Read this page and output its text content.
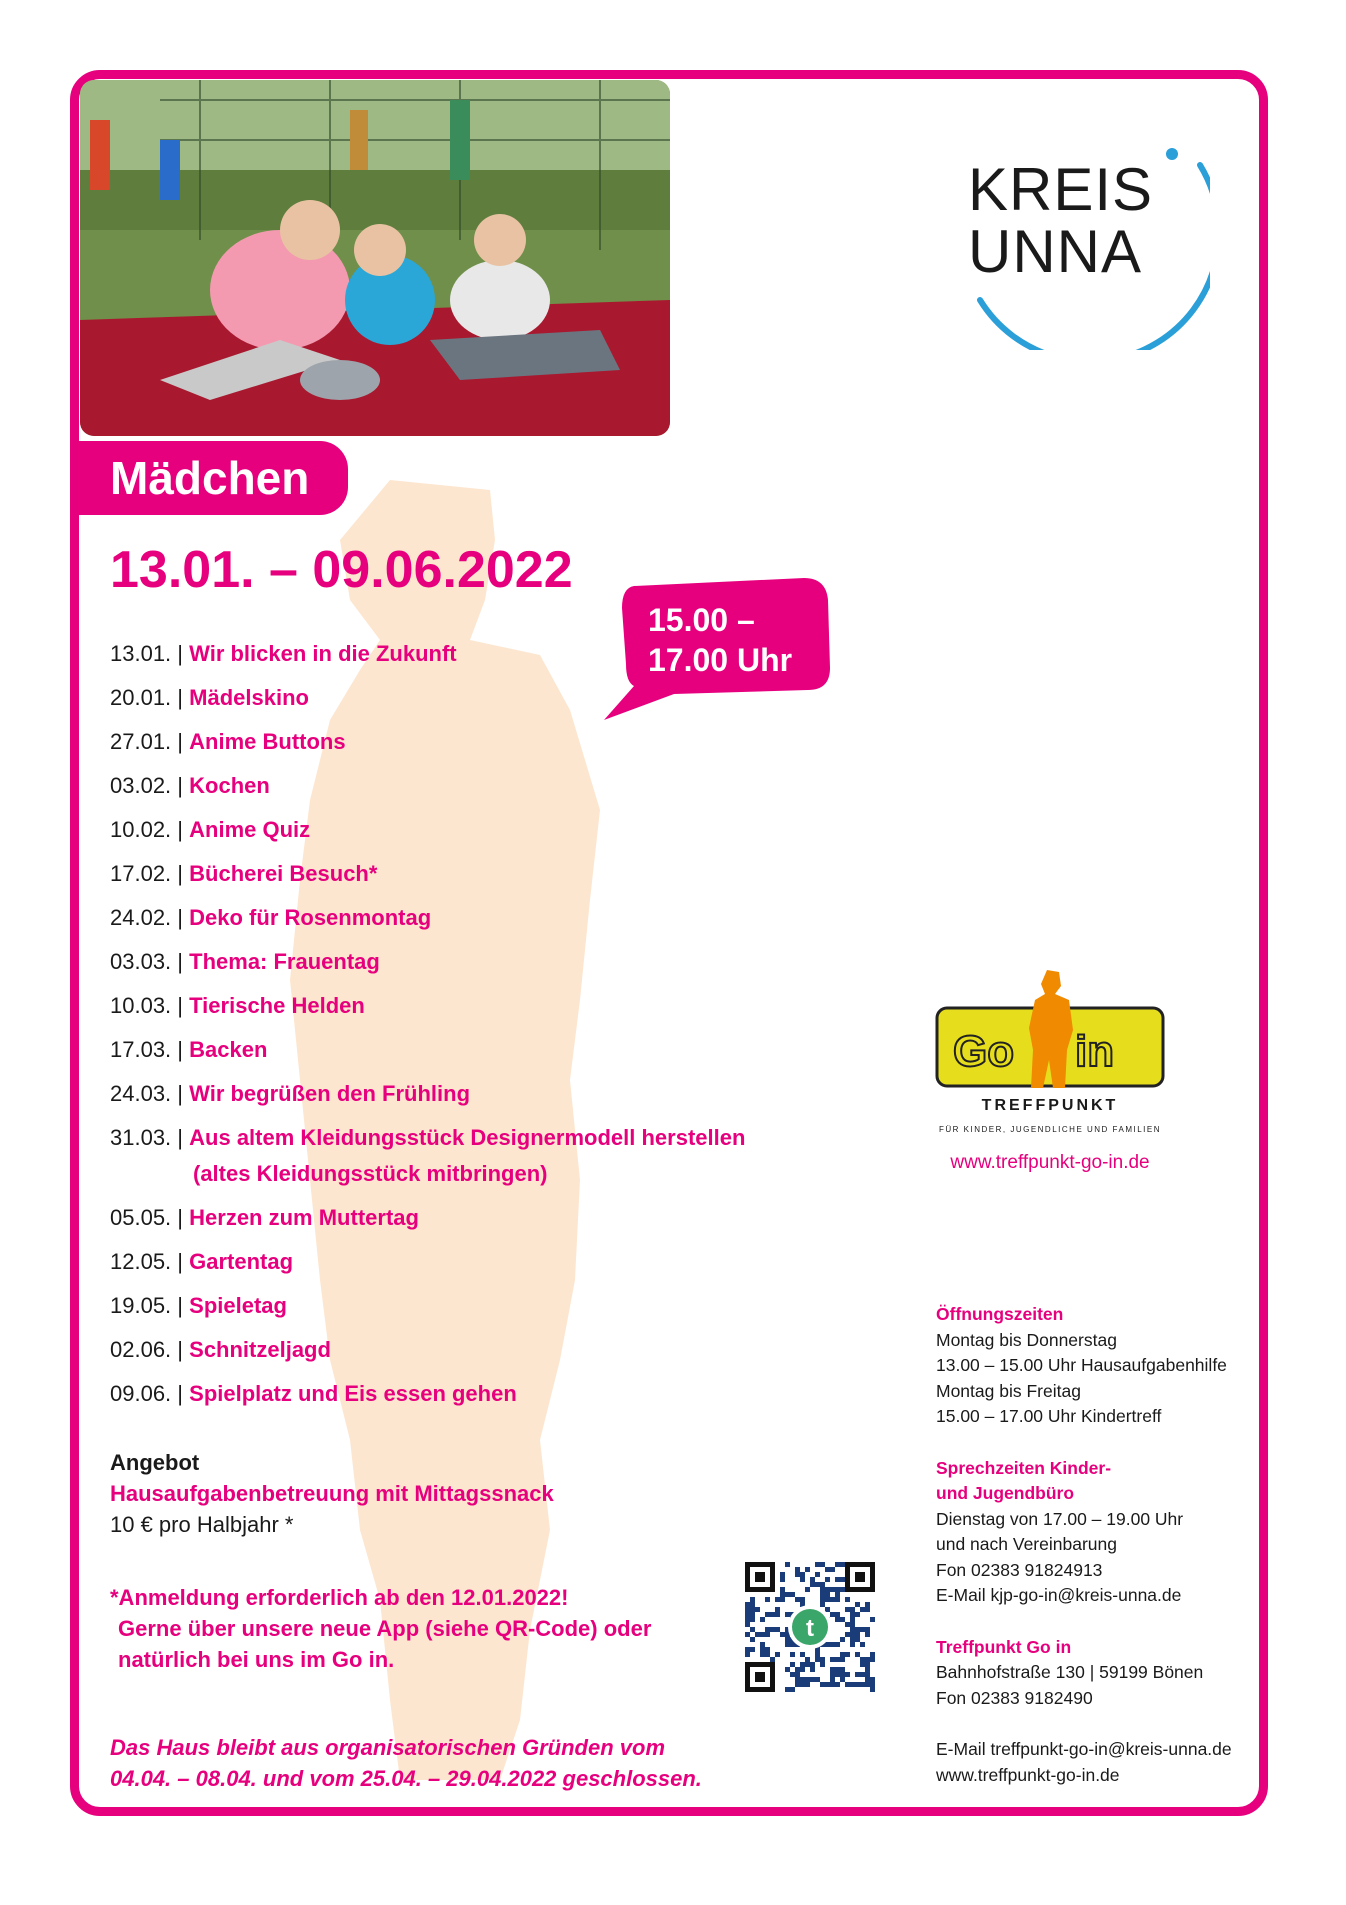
KREIS
UNNA
Mädchen
13.01. – 09.06.2022
15.00 –
17.00 Uhr
13.01. | Wir blicken in die Zukunft
20.01. | Mädelskino
27.01. | Anime Buttons
03.02. | Kochen
10.02. | Anime Quiz
17.02. | Bücherei Besuch*
24.02. | Deko für Rosenmontag
03.03. | Thema: Frauentag
10.03. | Tierische Helden
17.03. | Backen
24.03. | Wir begrüßen den Frühling
31.03. | Aus altem Kleidungsstück Designermodell herstellen
(altes Kleidungsstück mitbringen)
05.05. | Herzen zum Muttertag
12.05. | Gartentag
19.05. | Spieletag
02.06. | Schnitzeljagd
09.06. | Spielplatz und Eis essen gehen
Angebot
Hausaufgabenbetreuung mit Mittagssnack
10 € pro Halbjahr *
*Anmeldung erforderlich ab den 12.01.2022!
Gerne über unsere neue App (siehe QR-Code) oder
natürlich bei uns im Go in.
Das Haus bleibt aus organisatorischen Gründen vom
04.04. – 08.04. und vom 25.04. – 29.04.2022 geschlossen.
t
Go in
TREFFPUNKT
FÜR KINDER, JUGENDLICHE UND FAMILIEN
www.treffpunkt-go-in.de
Öffnungszeiten
Montag bis Donnerstag
13.00 – 15.00 Uhr Hausaufgabenhilfe
Montag bis Freitag
15.00 – 17.00 Uhr Kindertreff
Sprechzeiten Kinder-
und Jugendbüro
Dienstag von 17.00 – 19.00 Uhr
und nach Vereinbarung
Fon 02383 91824913
E-Mail kjp-go-in@kreis-unna.de
Treffpunkt Go in
Bahnhofstraße 130 | 59199 Bönen
Fon 02383 9182490
E-Mail treffpunkt-go-in@kreis-unna.de
www.treffpunkt-go-in.de
